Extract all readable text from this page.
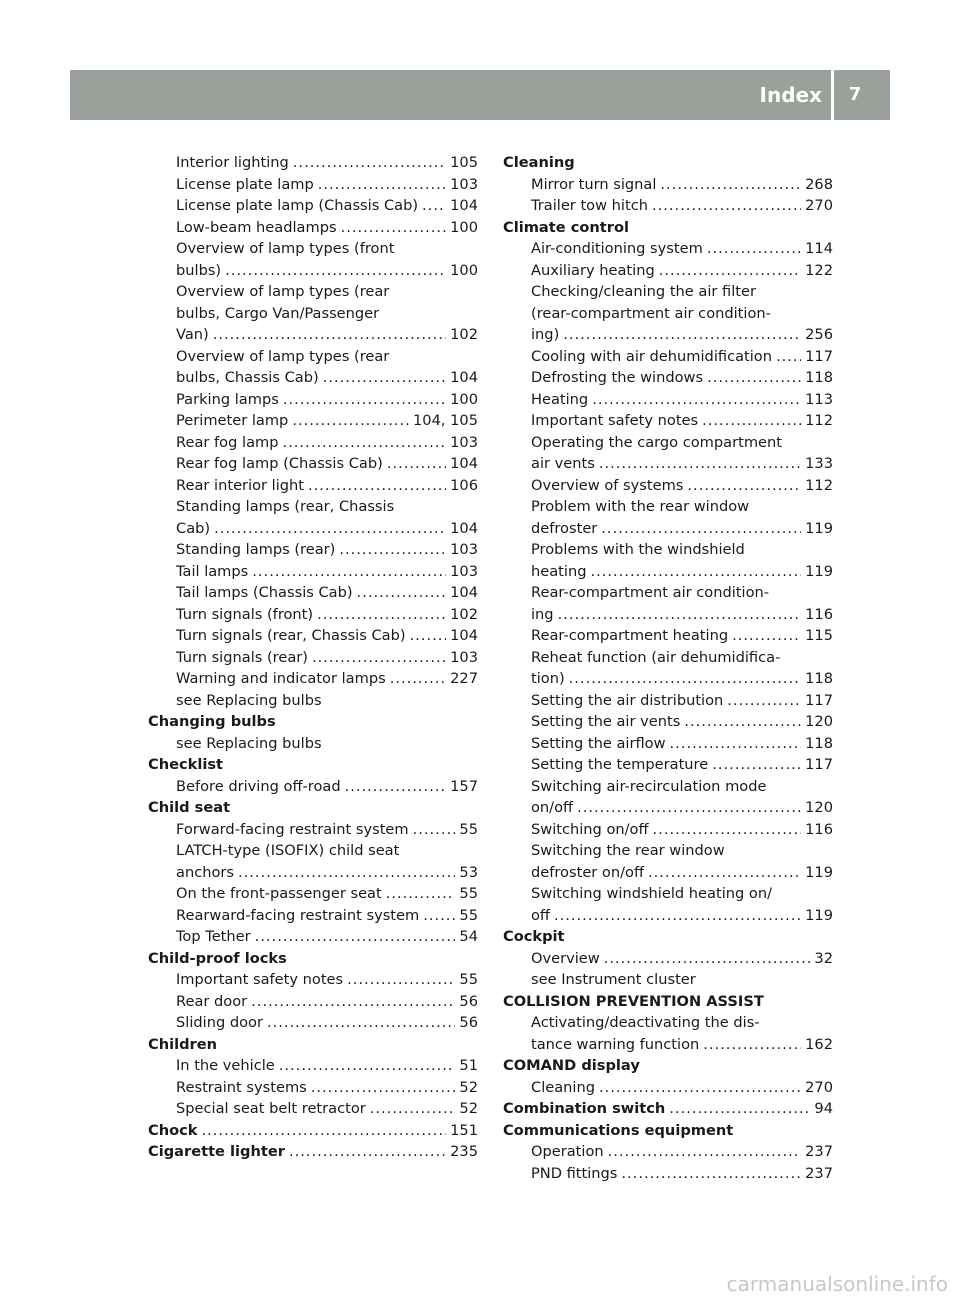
Index	7
Interior lighting .....	105
License plate lamp .....	103
License plate lamp (Chassis Cab) ..... 104
Low-beam headlamps .....	100
Overview of lamp types (front
bulbs) .....	100
Overview of lamp types (rear
bulbs, Cargo Van/Passenger
Van) .....	102
Overview of lamp types (rear
bulbs, Chassis Cab) .....	104
Parking lamps .....	100
Perimeter lamp .....	104, 105
Rear fog lamp .....	103
Rear fog lamp (Chassis Cab) .....	104
Rear interior light .....	106
Standing lamps (rear, Chassis
Cab) .....	104
Standing lamps (rear) .....	103
Tail lamps .....	103
Tail lamps (Chassis Cab) .....	104
Turn signals (front) .....	102
Turn signals (rear, Chassis Cab) .....	104
Turn signals (rear) .....	103
Warning and indicator lamps .....	227
see Replacing bulbs
Changing bulbs
see Replacing bulbs
Checklist
Before driving off-road .....	157
Child seat
Forward-facing restraint system .....	55
LATCH-type (ISOFIX) child seat
anchors .....	53
On the front-passenger seat .....	55
Rearward-facing restraint system .....	55
Top Tether .....	54
Child-proof locks
Important safety notes .....	55
Rear door .....	56
Sliding door .....	56
Children
In the vehicle .....	51
Restraint systems .....	52
Special seat belt retractor .....	52
Chock .....	151
Cigarette lighter .....	235
Cleaning
Mirror turn signal .....	268
Trailer tow hitch .....	270
Climate control
Air-conditioning system .....	114
Auxiliary heating .....	122
Checking/cleaning the air filter
(rear-compartment air condition-
ing) .....	256
Cooling with air dehumidification ..... 117
Defrosting the windows .....	118
Heating .....	113
Important safety notes .....	112
Operating the cargo compartment
air vents .....	133
Overview of systems .....	112
Problem with the rear window
defroster .....	119
Problems with the windshield
heating .....	119
Rear-compartment air condition-
ing .....	116
Rear-compartment heating .....	115
Reheat function (air dehumidifica-
tion) .....	118
Setting the air distribution .....	117
Setting the air vents .....	120
Setting the airflow .....	118
Setting the temperature .....	117
Switching air-recirculation mode
on/off .....	120
Switching on/off .....	116
Switching the rear window
defroster on/off .....	119
Switching windshield heating on/
off .....	119
Cockpit
Overview .....	32
see Instrument cluster
COLLISION PREVENTION ASSIST
Activating/deactivating the dis-
tance warning function .....	162
COMAND display
Cleaning .....	270
Combination switch .....	94
Communications equipment
Operation .....	237
PND fittings .....	237
carmanualsonline.info
